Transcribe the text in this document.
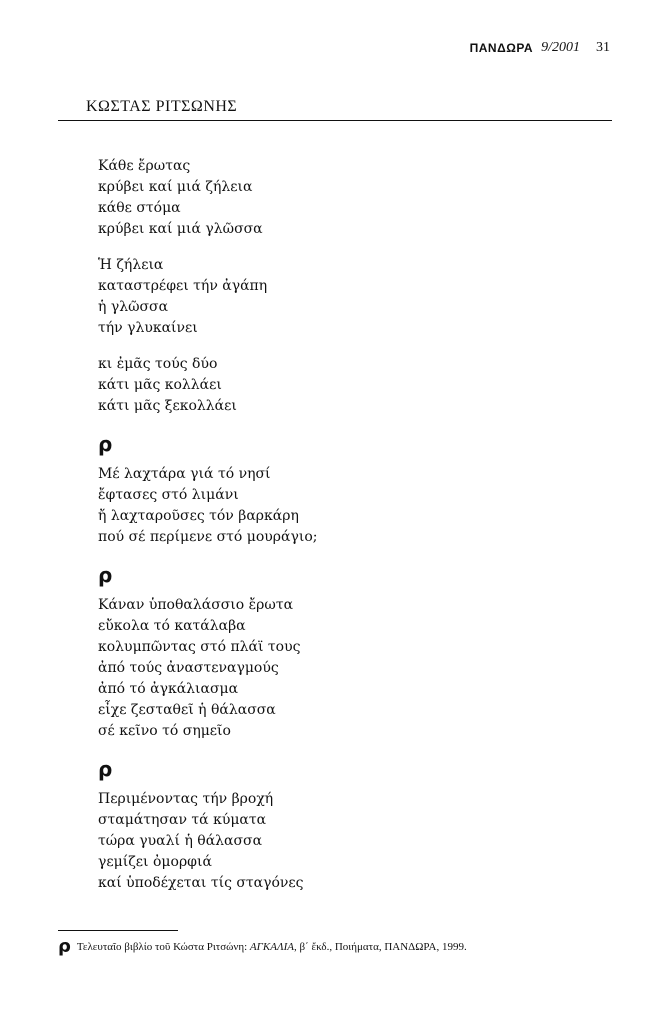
ΠΑΝΔΩΡΑ 9/2001 31
ΚΩΣΤΑΣ ΡΙΤΣΩΝΗΣ
Κάθε ἔρωτας
κρύβει καί μιά ζήλεια
κάθε στόμα
κρύβει καί μιά γλῶσσα
Ἡ ζήλεια
καταστρέφει τήν ἀγάπη
ἡ γλῶσσα
τήν γλυκαίνει
κι ἐμᾶς τούς δύο
κάτι μᾶς κολλάει
κάτι μᾶς ξεκολλάει
ρ
Μέ λαχτάρα γιά τό νησί
ἔφτασες στό λιμάνι
ἤ λαχταροῦσες τόν βαρκάρη
πού σέ περίμενε στό μουράγιο;
ρ
Κάναν ὑποθαλάσσιο ἔρωτα
εὔκολα τό κατάλαβα
κολυμπῶντας στό πλάϊ τους
ἀπό τούς ἀναστεναγμούς
ἀπό τό ἀγκάλιασμα
εἶχε ζεσταθεῖ ἡ θάλασσα
σέ κεῖνο τό σημεῖο
ρ
Περιμένοντας τήν βροχή
σταμάτησαν τά κύματα
τώρα γυαλί ἡ θάλασσα
γεμίζει ὀμορφιά
καί ὑποδέχεται τίς σταγόνες
ρ Τελευταῖο βιβλίο τοῦ Κώστα Ριτσώνη: ΑΓΚΑΛΙΑ, β΄ ἔκδ., Ποιήματα, ΠΑΝΔΩΡΑ, 1999.
